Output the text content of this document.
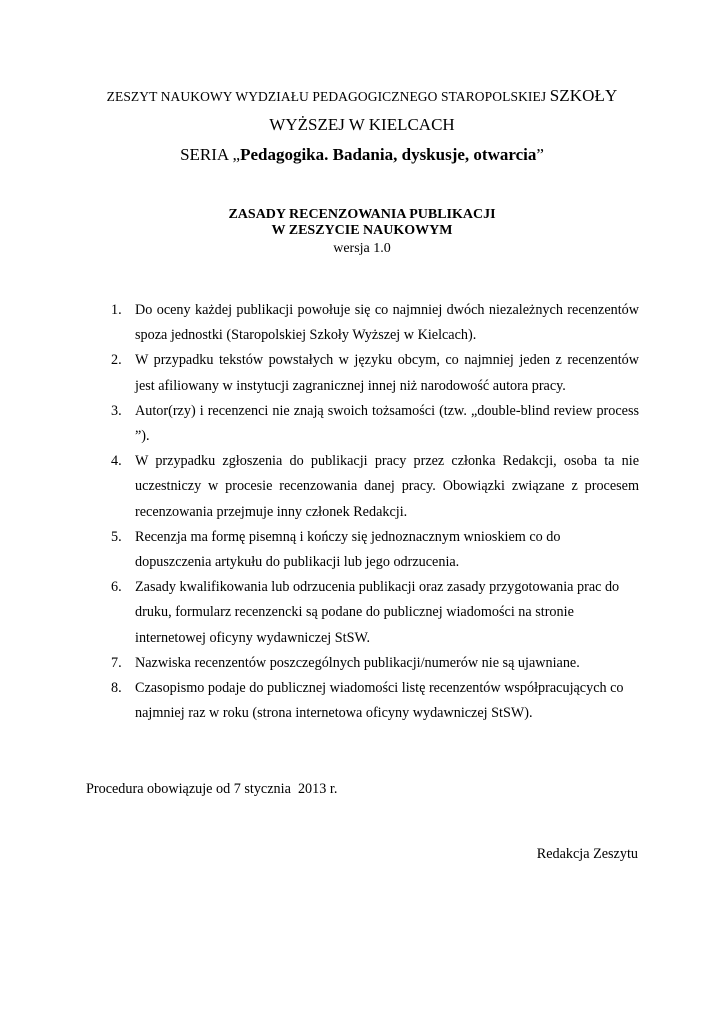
ZESZYT NAUKOWY WYDZIAŁU PEDAGOGICZNEGO STAROPOLSKIEJ SZKOŁY
WYŻSZEJ W KIELCACH
SERIA „Pedagogika. Badania, dyskusje, otwarcia”
ZASADY RECENZOWANIA PUBLIKACJI
W ZESZYCIE NAUKOWYM
wersja 1.0
1. Do oceny każdej publikacji powołuje się co najmniej dwóch niezależnych recenzentów spoza jednostki (Staropolskiej Szkoły Wyższej w Kielcach).
2. W przypadku tekstów powstałych w języku obcym, co najmniej jeden z recenzentów jest afiliowany w instytucji zagranicznej innej niż narodowość autora pracy.
3. Autor(rzy) i recenzenci nie znają swoich tożsamości (tzw. „double-blind review process ”).
4. W przypadku zgłoszenia do publikacji pracy przez członka Redakcji, osoba ta nie uczestniczy w procesie recenzowania danej pracy. Obowiązki związane z procesem recenzowania przejmuje inny członek Redakcji.
5. Recenzja ma formę pisemną i kończy się jednoznacznym wnioskiem co do dopuszczenia artykułu do publikacji lub jego odrzucenia.
6. Zasady kwalifikowania lub odrzucenia publikacji oraz zasady przygotowania prac do druku, formularz recenzencki są podane do publicznej wiadomości na stronie internetowej oficyny wydawniczej StSW.
7. Nazwiska recenzentów poszczególnych publikacji/numerów nie są ujawniane.
8. Czasopismo podaje do publicznej wiadomości listę recenzentów współpracujących co najmniej raz w roku (strona internetowa oficyny wydawniczej StSW).
Procedura obowiązuje od 7 stycznia  2013 r.
Redakcja Zeszytu
